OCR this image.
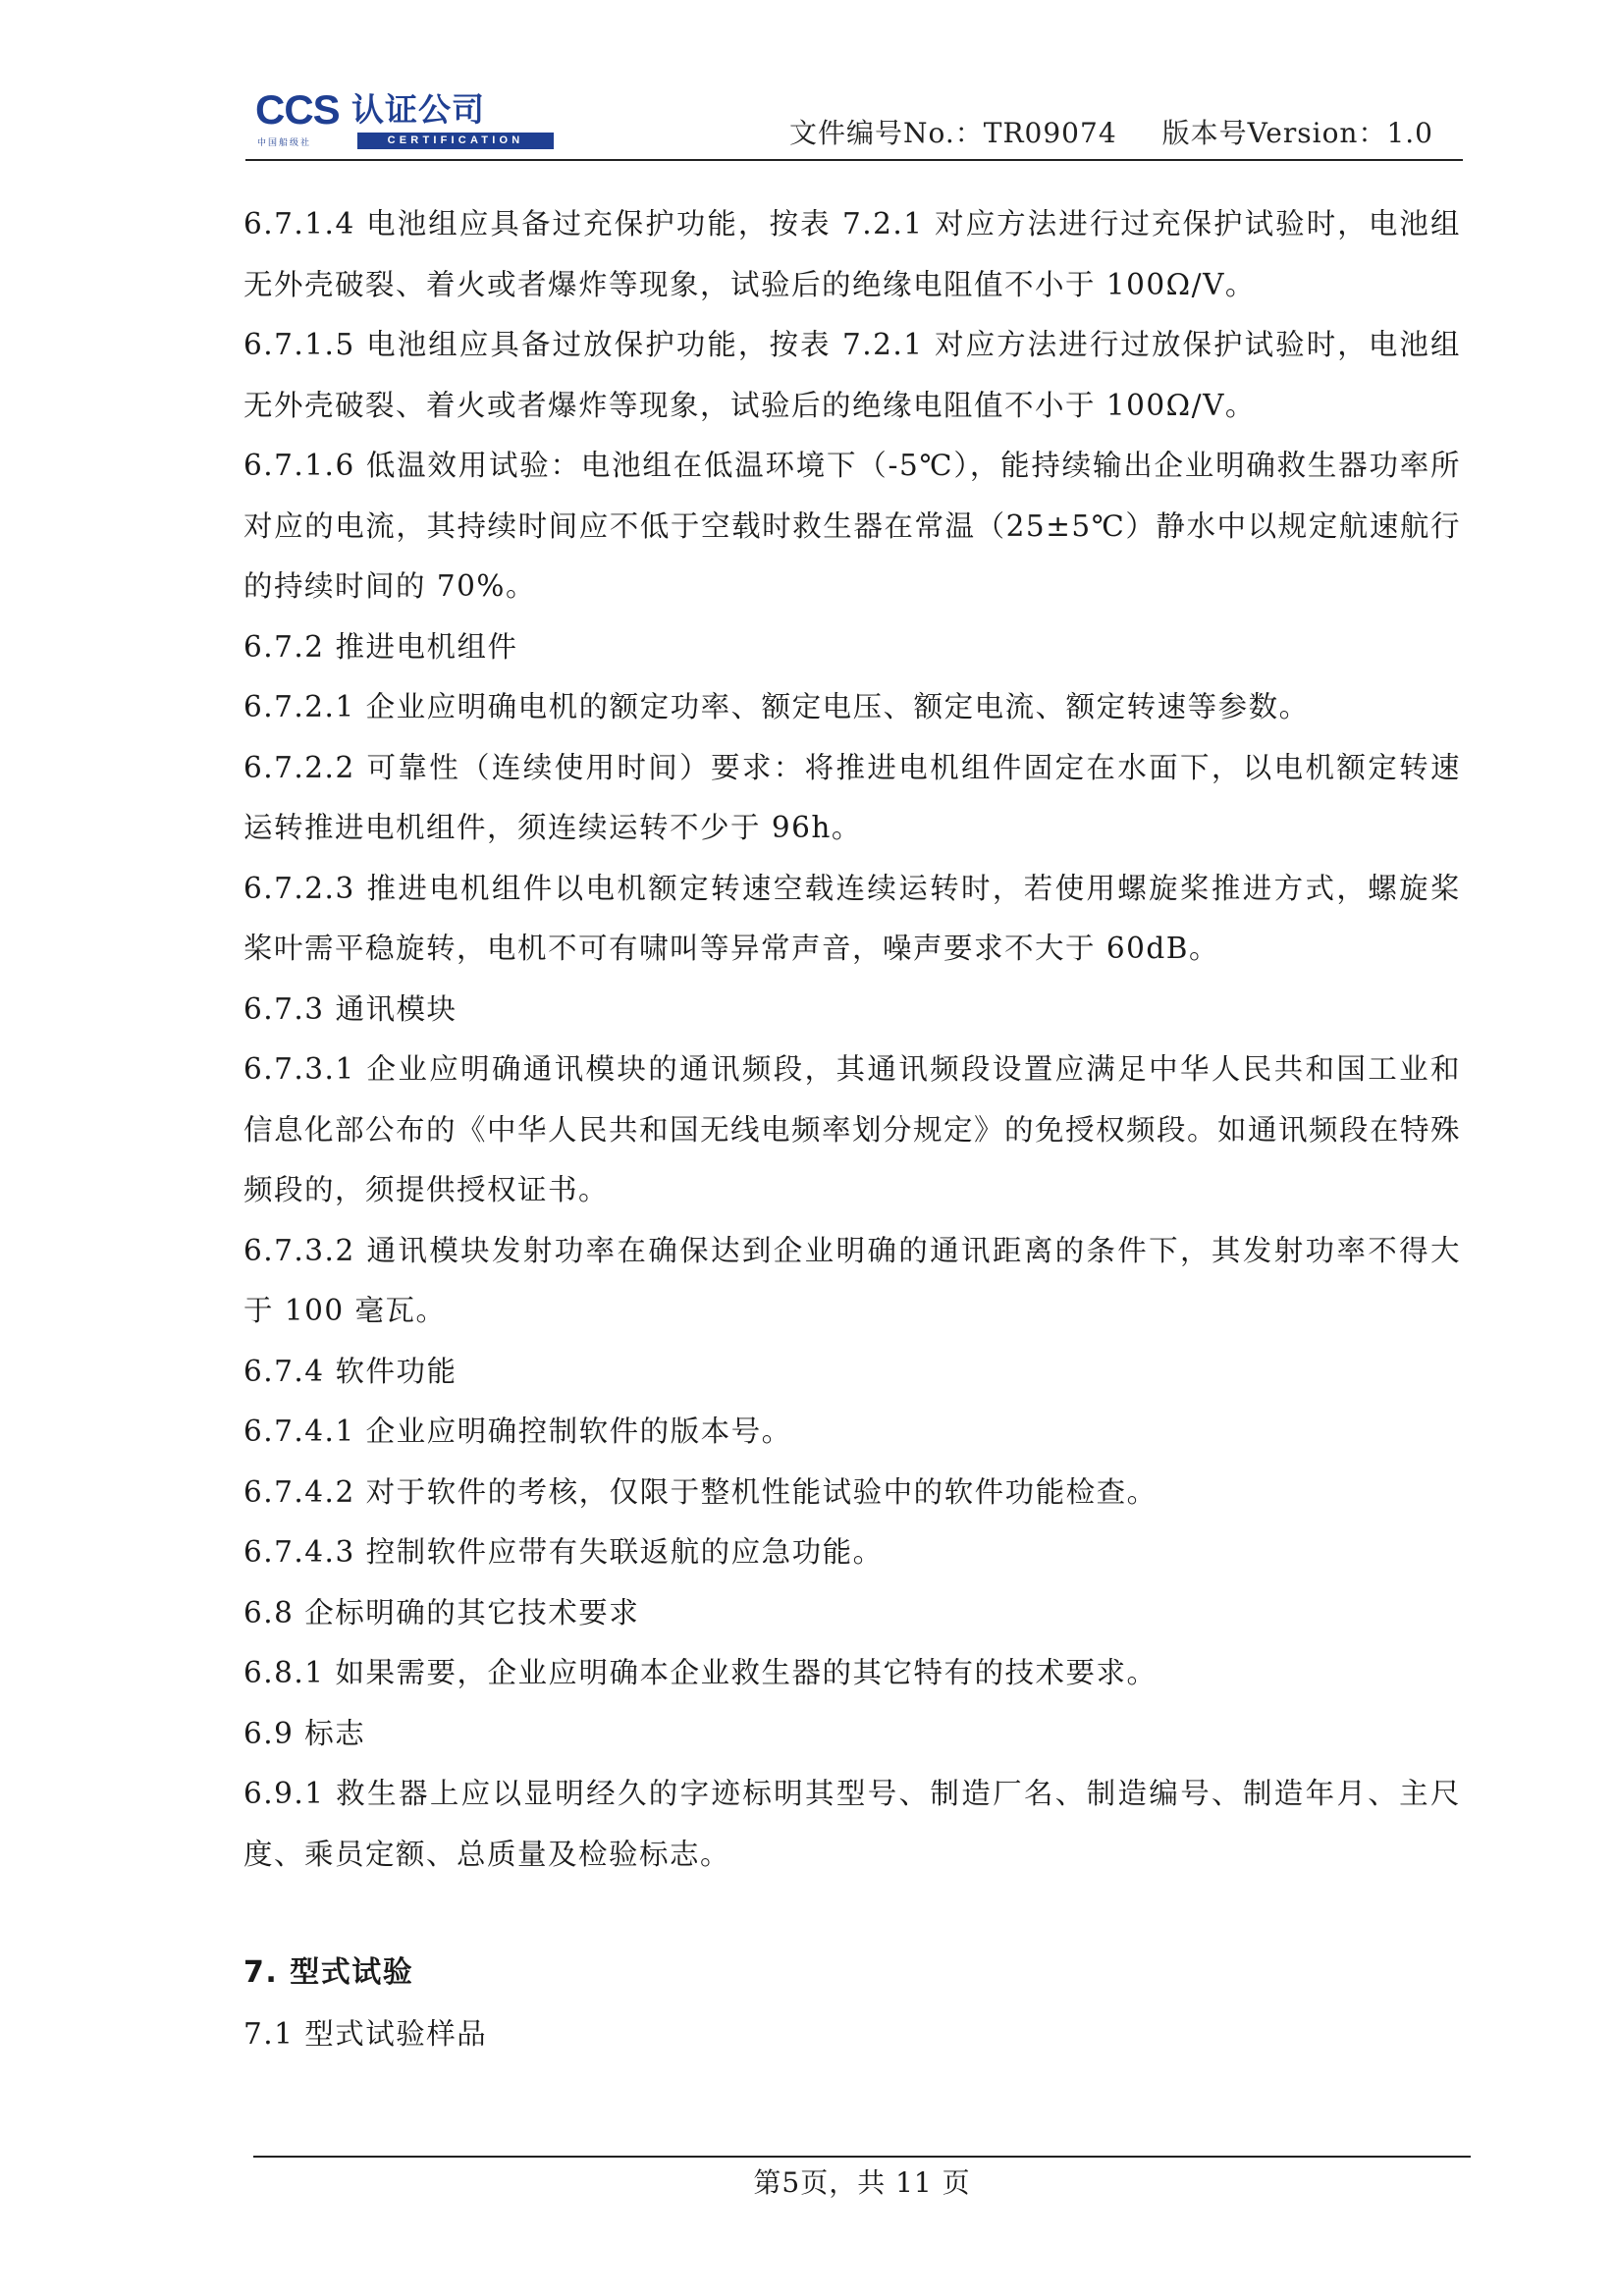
CCS 认证公司
中国船级社	CERTIFICATION	文件编号No.：TR09074 版本号Version：1.0

6.7.1.4 电池组应具备过充保护功能，按表 7.2.1 对应方法进行过充保护试验时，电池组无外壳破裂、着火或者爆炸等现象，试验后的绝缘电阻值不小于 100Ω/V。

6.7.1.5 电池组应具备过放保护功能，按表 7.2.1 对应方法进行过放保护试验时，电池组无外壳破裂、着火或者爆炸等现象，试验后的绝缘电阻值不小于 100Ω/V。

6.7.1.6 低温效用试验：电池组在低温环境下（-5℃），能持续输出企业明确救生器功率所对应的电流，其持续时间应不低于空载时救生器在常温（25±5℃）静水中以规定航速航行的持续时间的 70%。

6.7.2 推进电机组件

6.7.2.1 企业应明确电机的额定功率、额定电压、额定电流、额定转速等参数。

6.7.2.2 可靠性（连续使用时间）要求：将推进电机组件固定在水面下，以电机额定转速运转推进电机组件，须连续运转不少于 96h。

6.7.2.3 推进电机组件以电机额定转速空载连续运转时，若使用螺旋桨推进方式，螺旋桨桨叶需平稳旋转，电机不可有啸叫等异常声音，噪声要求不大于 60dB。

6.7.3 通讯模块

6.7.3.1 企业应明确通讯模块的通讯频段，其通讯频段设置应满足中华人民共和国工业和信息化部公布的《中华人民共和国无线电频率划分规定》的免授权频段。如通讯频段在特殊频段的，须提供授权证书。

6.7.3.2 通讯模块发射功率在确保达到企业明确的通讯距离的条件下，其发射功率不得大于 100 毫瓦。

6.7.4 软件功能

6.7.4.1 企业应明确控制软件的版本号。

6.7.4.2 对于软件的考核，仅限于整机性能试验中的软件功能检查。

6.7.4.3 控制软件应带有失联返航的应急功能。

6.8 企标明确的其它技术要求

6.8.1 如果需要，企业应明确本企业救生器的其它特有的技术要求。

6.9 标志

6.9.1 救生器上应以显明经久的字迹标明其型号、制造厂名、制造编号、制造年月、主尺度、乘员定额、总质量及检验标志。

7. 型式试验

7.1 型式试验样品

第5页，共 11 页
